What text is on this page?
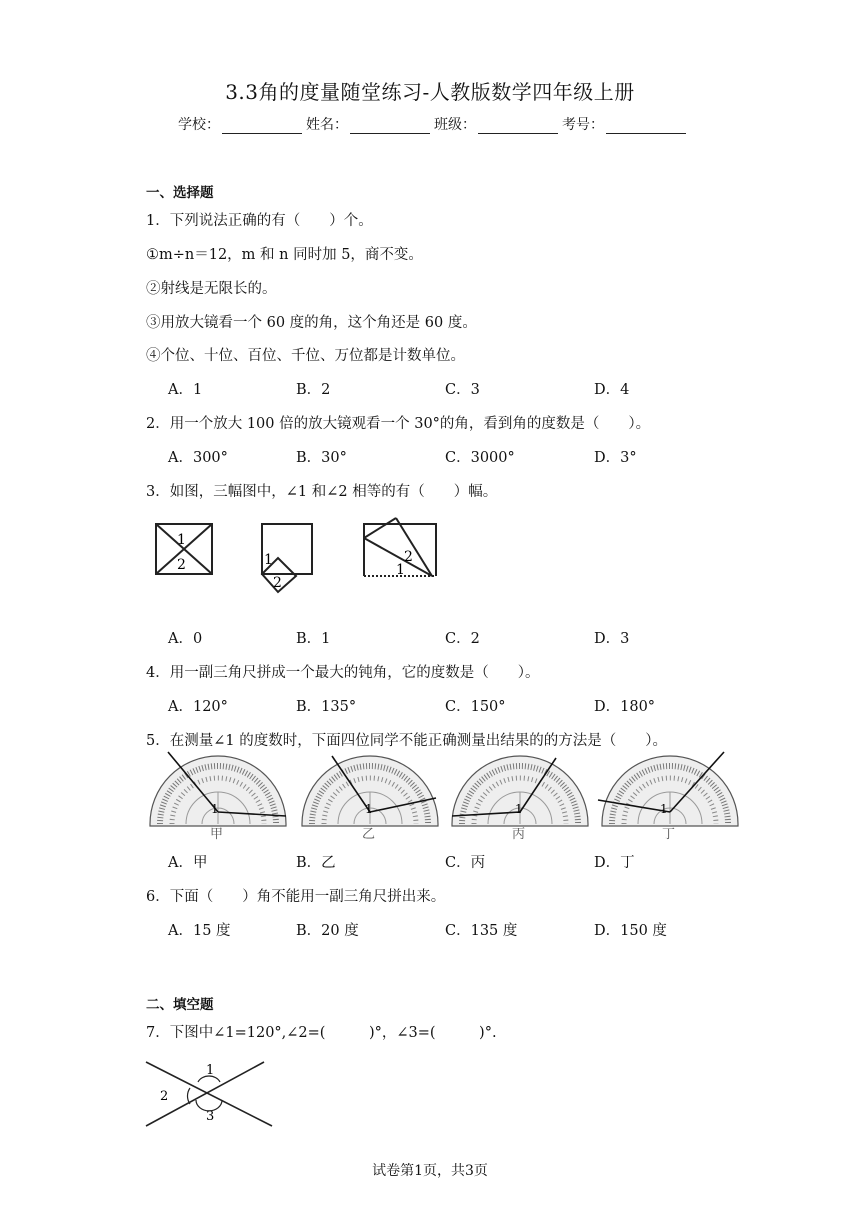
3.3角的度量随堂练习-人教版数学四年级上册
学校：	姓名：	班级：	考号：
一、选择题
1．下列说法正确的有（　　）个。
①m÷n＝12，m 和 n 同时加 5，商不变。
②射线是无限长的。
③用放大镜看一个 60 度的角，这个角还是 60 度。
④个位、十位、百位、千位、万位都是计数单位。
A．1	B．2	C．3	D．4
2．用一个放大 100 倍的放大镜观看一个 30°的角，看到角的度数是（　　）。
A．300°	B．30°	C．3000°	D．3°
3．如图，三幅图中，∠1 和∠2 相等的有（　　）幅。
1
2	1
2
2
1
A．0	B．1	C．2	D．3
4．用一副三角尺拼成一个最大的钝角，它的度数是（　　）。
A．120°	B．135°	C．150°	D．180°
5．在测量∠1 的度数时，下面四位同学不能正确测量出结果的的方法是（　　）。
1	1	1	1
甲	乙	丙	丁
A．甲	B．乙	C．丙	D．丁
6．下面（　　）角不能用一副三角尺拼出来。
A．15 度	B．20 度	C．135 度	D．150 度
二、填空题
7．下图中∠1=120°,∠2=(　　　)°，∠3=(　　　)°.
1
2
3
试卷第1页，共3页
